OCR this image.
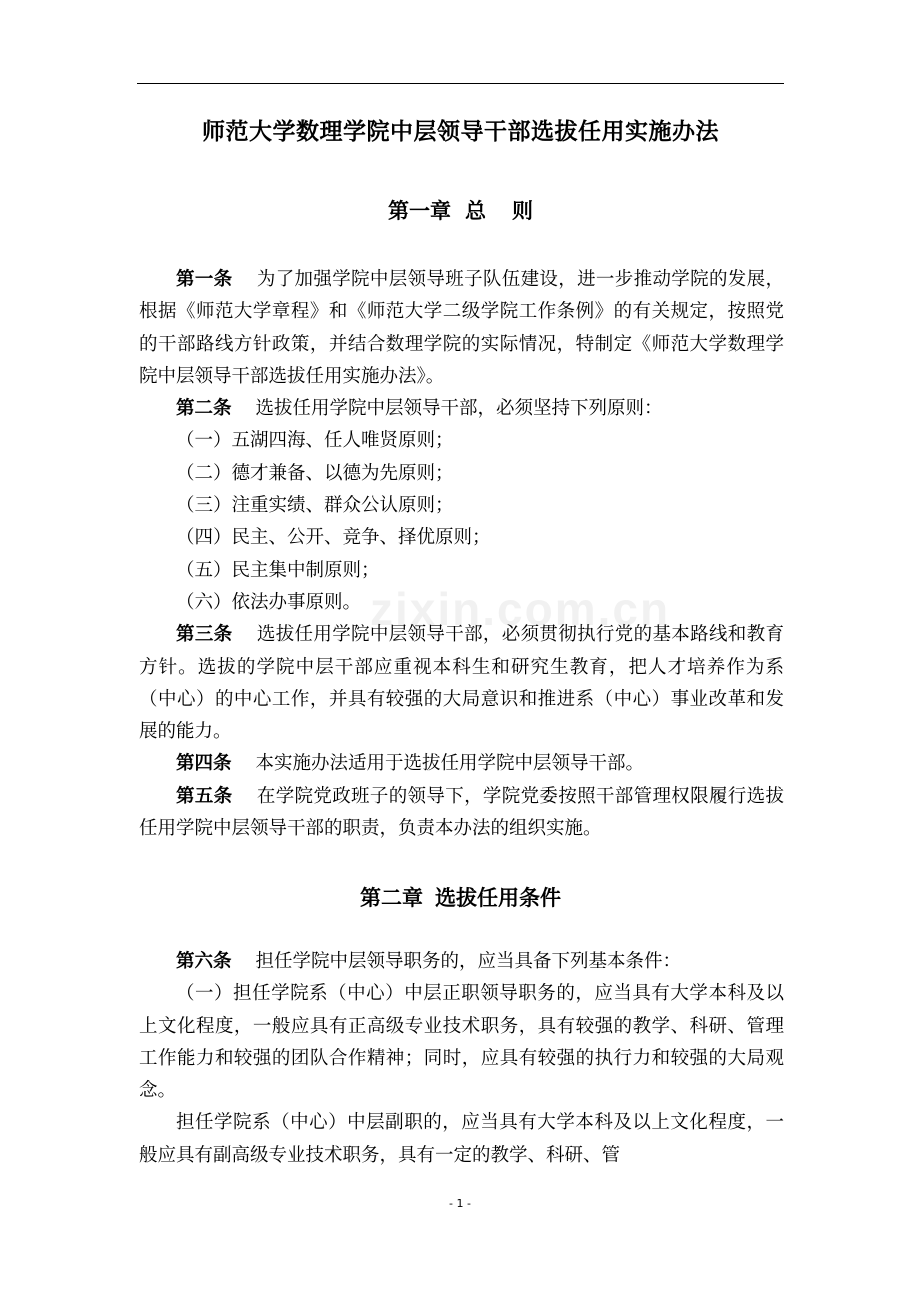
师范大学数理学院中层领导干部选拔任用实施办法
第一章 总 则

第一条 为了加强学院中层领导班子队伍建设，进一步推动学院的发展，根据《师范大学章程》和《师范大学二级学院工作条例》的有关规定，按照党的干部路线方针政策，并结合数理学院的实际情况，特制定《师范大学数理学院中层领导干部选拔任用实施办法》。

第二条 选拔任用学院中层领导干部，必须坚持下列原则：

（一）五湖四海、任人唯贤原则；

（二）德才兼备、以德为先原则；

（三）注重实绩、群众公认原则；

（四）民主、公开、竞争、择优原则；

（五）民主集中制原则；

（六）依法办事原则。

第三条 选拔任用学院中层领导干部，必须贯彻执行党的基本路线和教育方针。选拔的学院中层干部应重视本科生和研究生教育，把人才培养作为系（中心）的中心工作，并具有较强的大局意识和推进系（中心）事业改革和发展的能力。

第四条 本实施办法适用于选拔任用学院中层领导干部。

第五条 在学院党政班子的领导下，学院党委按照干部管理权限履行选拔任用学院中层领导干部的职责，负责本办法的组织实施。

第二章 选拔任用条件

第六条 担任学院中层领导职务的，应当具备下列基本条件：

（一）担任学院系（中心）中层正职领导职务的，应当具有大学本科及以上文化程度，一般应具有正高级专业技术职务，具有较强的教学、科研、管理工作能力和较强的团队合作精神；同时，应具有较强的执行力和较强的大局观念。

担任学院系（中心）中层副职的，应当具有大学本科及以上文化程度，一般应具有副高级专业技术职务，具有一定的教学、科研、管

zixin.com.cn
- 1 -
